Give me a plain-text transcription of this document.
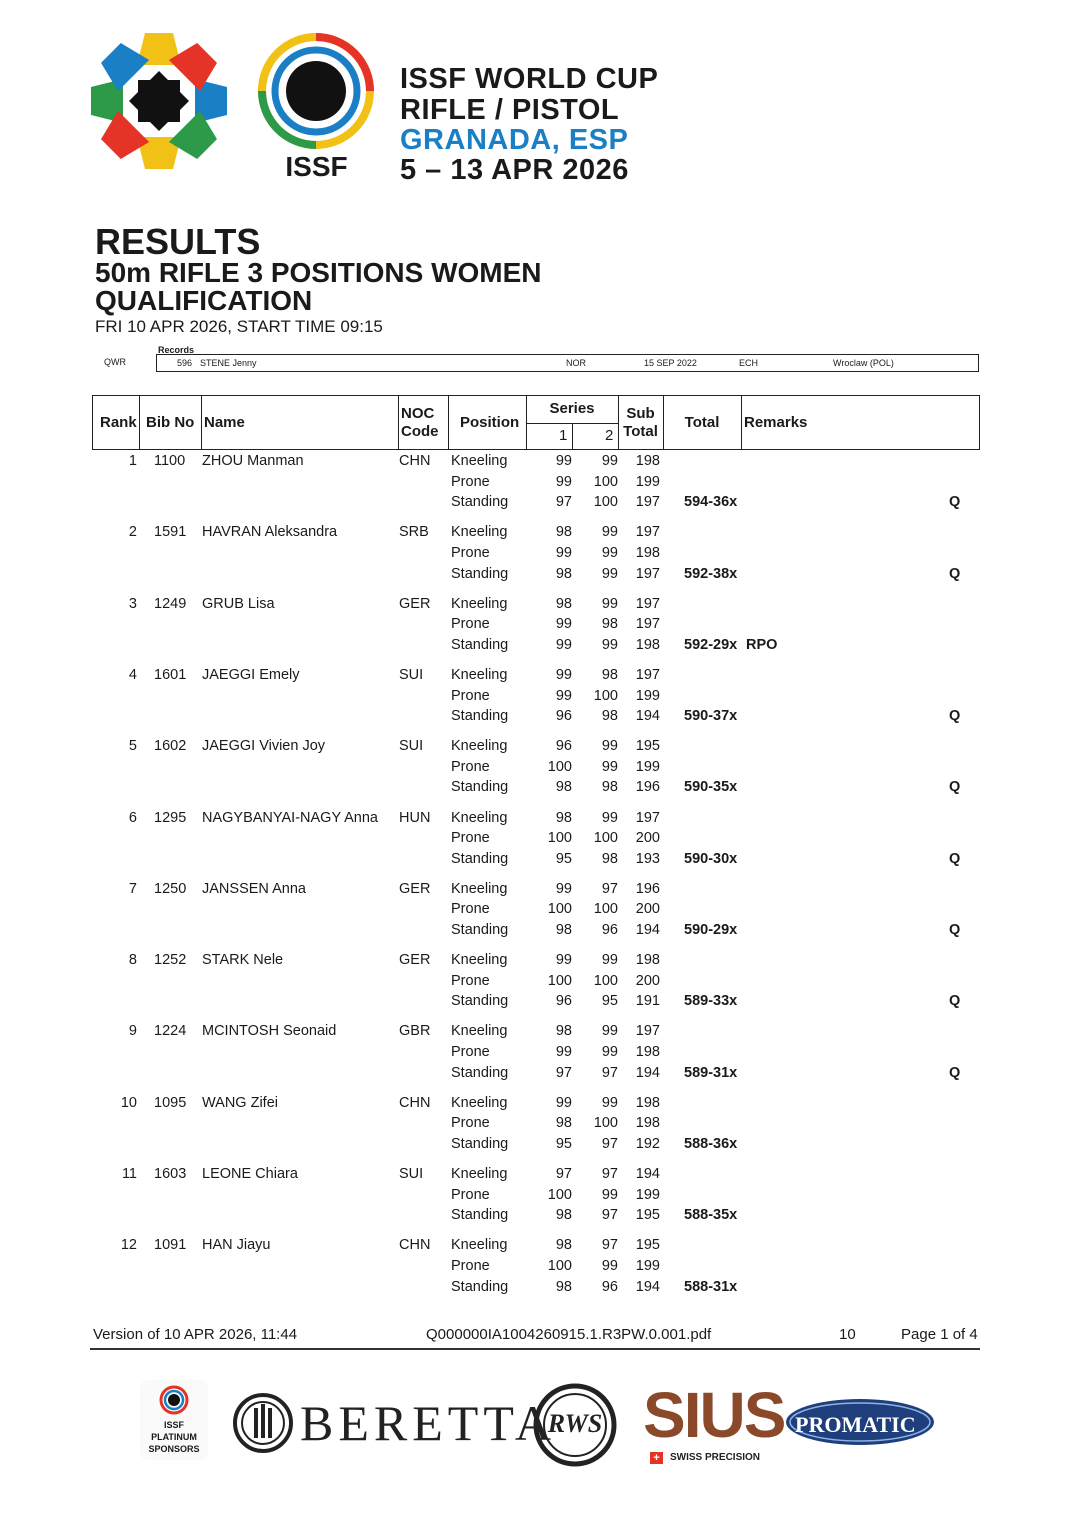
ISSF
ISSF WORLD CUP
RIFLE / PISTOL
GRANADA, ESP
5 – 13 APR 2026
RESULTS
50m RIFLE 3 POSITIONS WOMEN
QUALIFICATION
FRI 10 APR 2026, START TIME 09:15
Records
QWR	596 STENE Jenny	NOR	15 SEP 2022	ECH	Wroclaw (POL)
Rank Bib No Name
NOC
Code
Position
Series
1	2
Sub
Total
Total	Remarks
1 1100 ZHOU Manman	CHN Kneeling	99	99	198
Prone	99	100	199
Standing	97	100	197 594-36x	Q
2 1591 HAVRAN Aleksandra	SRB Kneeling	98	99	197
Prone	99	99	198
Standing	98	99	197 592-38x	Q
3 1249 GRUB Lisa	GER Kneeling	98	99	197
Prone	99	98	197
Standing	99	99	198 592-29x RPO
4 1601 JAEGGI Emely	SUI Kneeling	99	98	197
Prone	99	100	199
Standing	96	98	194 590-37x	Q
5 1602 JAEGGI Vivien Joy	SUI Kneeling	96	99	195
Prone	100	99	199
Standing	98	98	196 590-35x	Q
6 1295 NAGYBANYAI-NAGY Anna HUN Kneeling	98	99	197
Prone	100	100	200
Standing	95	98	193 590-30x	Q
7 1250 JANSSEN Anna	GER Kneeling	99	97	196
Prone	100	100	200
Standing	98	96	194 590-29x	Q
8 1252 STARK Nele	GER Kneeling	99	99	198
Prone	100	100	200
Standing	96	95	191 589-33x	Q
9 1224 MCINTOSH Seonaid	GBR Kneeling	98	99	197
Prone	99	99	198
Standing	97	97	194 589-31x	Q
10 1095 WANG Zifei	CHN Kneeling	99	99	198
Prone	98	100	198
Standing	95	97	192 588-36x
11 1603 LEONE Chiara	SUI Kneeling	97	97	194
Prone	100	99	199
Standing	98	97	195 588-35x
12 1091 HAN Jiayu	CHN Kneeling	98	97	195
Prone	100	99	199
Standing	98	96	194 588-31x
Version of 10 APR 2026, 11:44	Q000000IA1004260915.1.R3PW.0.001.pdf	10	Page 1 of 4
ISSF
PLATINUM
SPONSORS BERETTA
RWS SIUS
+	SWISS PRECISION
PROMATIC
